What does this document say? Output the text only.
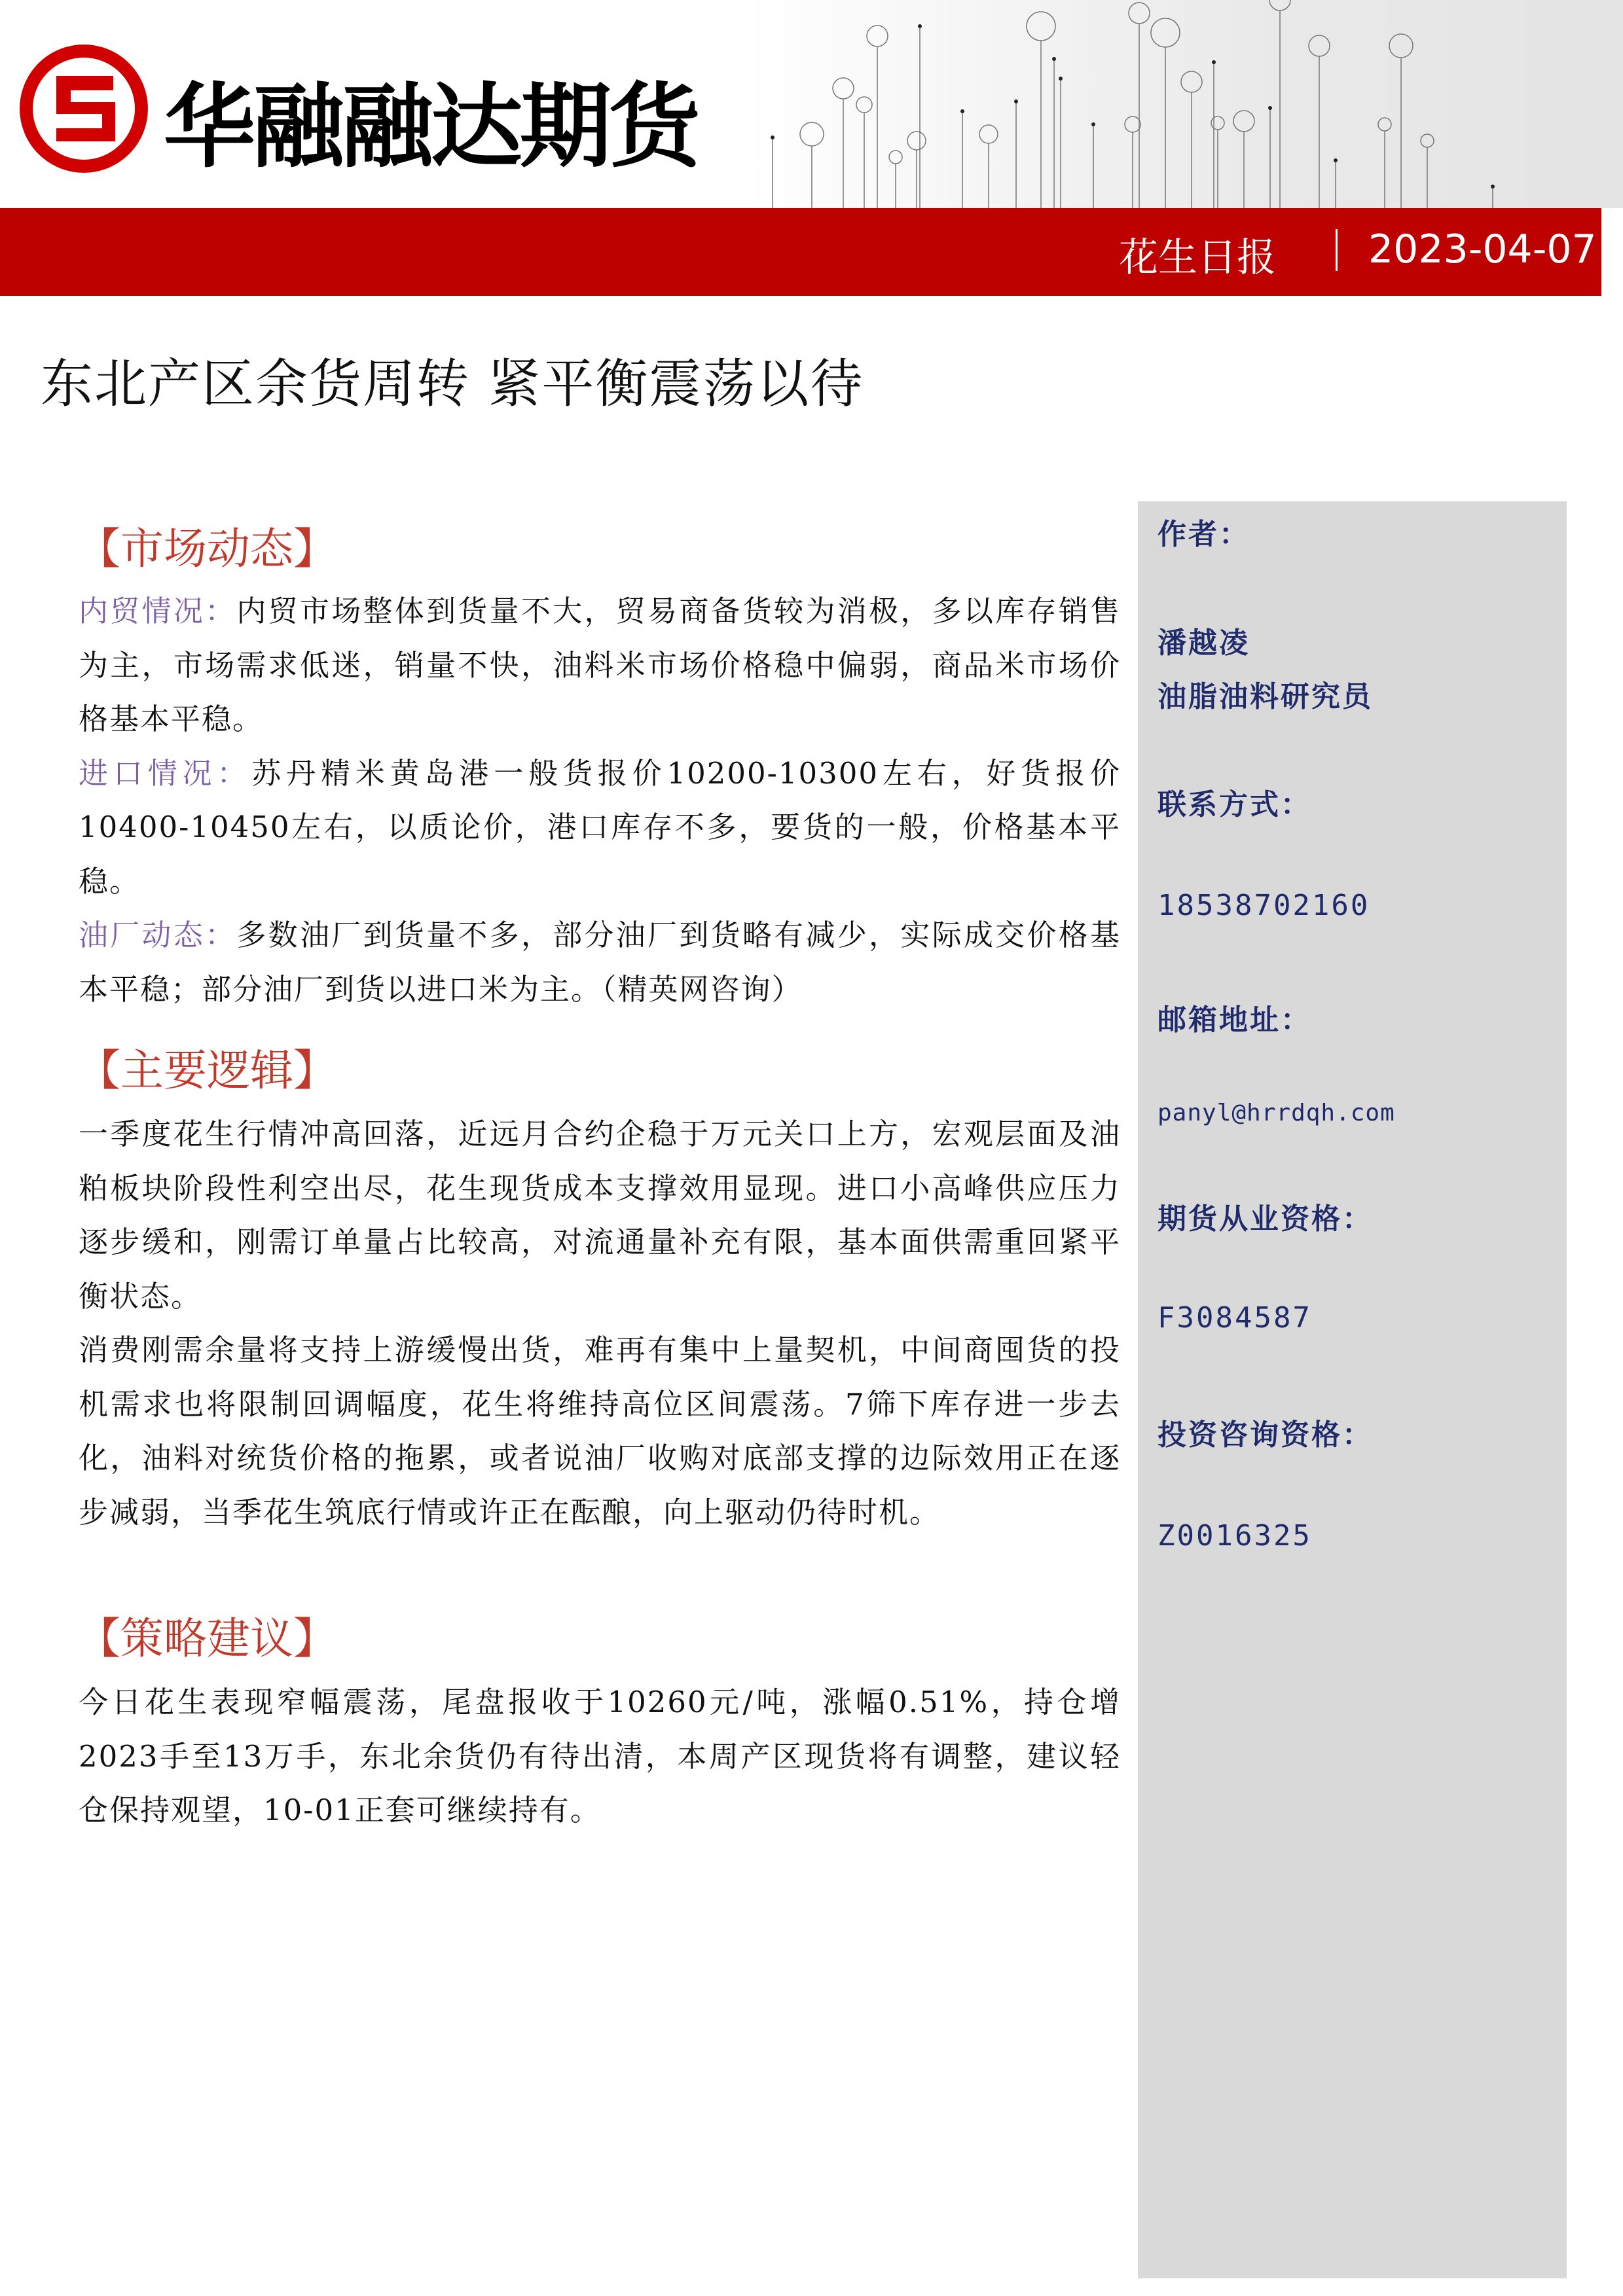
华融融达期货
花生日报 2023-04-07
东北产区余货周转 紧平衡震荡以待
【市场动态】
内贸情况：内贸市场整体到货量不大，贸易商备货较为消极，多以库存销售为主，市场需求低迷，销量不快，油料米市场价格稳中偏弱，商品米市场价格基本平稳。
进口情况：苏丹精米黄岛港一般货报价10200-10300左右，好货报价10400-10450左右，以质论价，港口库存不多，要货的一般，价格基本平稳。
油厂动态：多数油厂到货量不多，部分油厂到货略有减少，实际成交价格基本平稳；部分油厂到货以进口米为主。（精英网咨询）
【主要逻辑】
一季度花生行情冲高回落，近远月合约企稳于万元关口上方，宏观层面及油粕板块阶段性利空出尽，花生现货成本支撑效用显现。进口小高峰供应压力逐步缓和，刚需订单量占比较高，对流通量补充有限，基本面供需重回紧平衡状态。
消费刚需余量将支持上游缓慢出货，难再有集中上量契机，中间商囤货的投机需求也将限制回调幅度，花生将维持高位区间震荡。7筛下库存进一步去化，油料对统货价格的拖累，或者说油厂收购对底部支撑的边际效用正在逐步减弱，当季花生筑底行情或许正在酝酿，向上驱动仍待时机。
【策略建议】
今日花生表现窄幅震荡，尾盘报收于10260元/吨，涨幅0.51%，持仓增2023手至13万手，东北余货仍有待出清，本周产区现货将有调整，建议轻仓保持观望，10-01正套可继续持有。
作者：
潘越凌
油脂油料研究员
联系方式：
18538702160
邮箱地址：
panyl@hrrdqh.com
期货从业资格：
F3084587
投资咨询资格：
Z0016325
